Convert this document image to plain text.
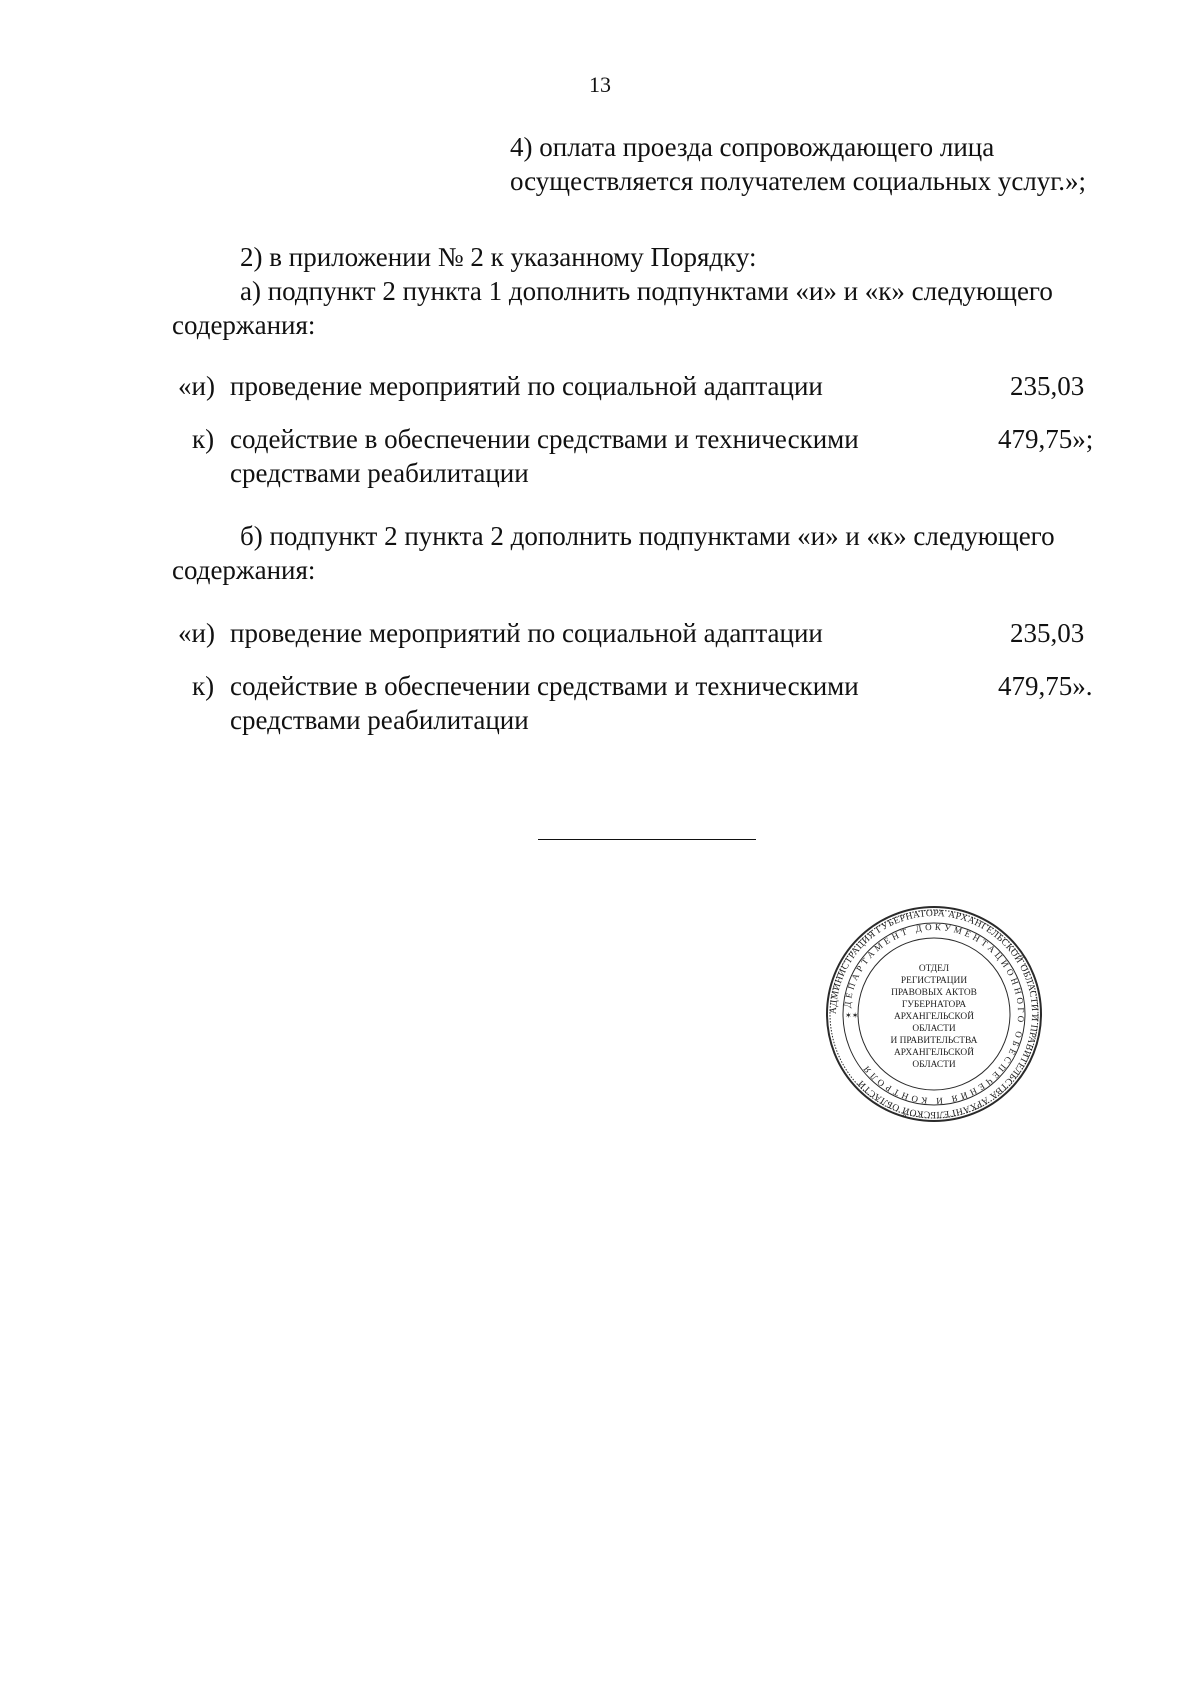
13
4) оплата проезда сопровождающего лица
осуществляется получателем социальных услуг.»;
2) в приложении № 2 к указанному Порядку:
а) подпункт 2 пункта 1 дополнить подпунктами «и» и «к» следующего
содержания:
«и) проведение мероприятий по социальной адаптации	235,03
к) содействие в обеспечении средствами и техническими средствами реабилитации
479,75»;
б) подпункт 2 пункта 2 дополнить подпунктами «и» и «к» следующего
содержания:
«и) проведение мероприятий по социальной адаптации	235,03
к) содействие в обеспечении средствами и техническими средствами реабилитации
479,75».
АДМИНИСТРАЦИЯ ГУБЕРНАТОРА АРХАНГЕЛЬСКОЙ ОБЛАСТИ И ПРАВИТЕЛЬСТВА АРХАНГЕЛЬСКОЙ ОБЛАСТИ
ДЕПАРТАМЕНТ ДОКУМЕНТАЦИОННОГО ОБЕСПЕЧЕНИЯ И КОНТРОЛЯ
ОТДЕЛ
РЕГИСТРАЦИИ
ПРАВОВЫХ АКТОВ
ГУБЕРНАТОРА
АРХАНГЕЛЬСКОЙ
ОБЛАСТИ
И ПРАВИТЕЛЬСТВА
АРХАНГЕЛЬСКОЙ
ОБЛАСТИ
✶✶
